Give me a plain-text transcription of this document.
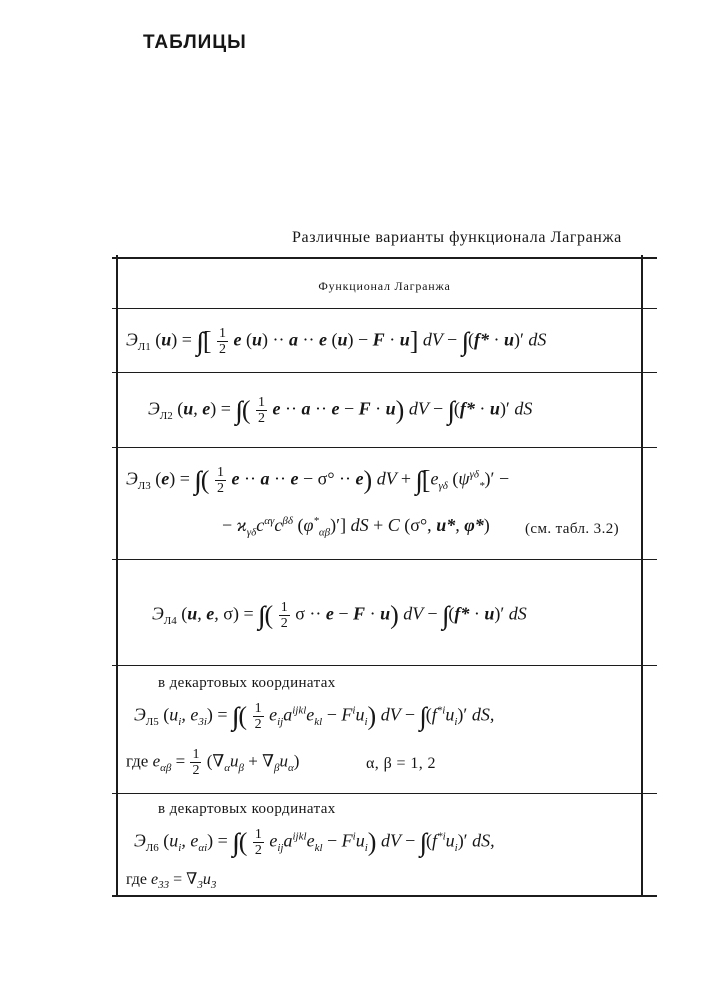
ТАБЛИЦЫ
Различные варианты функционала Лагранжа
Функционал Лагранжа
$Э_{Л1}$ (u) = ∫∫∫ [ $\frac{1}{2}$ e (u) ·· a ·· e (u) − F · u] dV − ∫∫ (f* · u)′ dS
$Э_{Л2}$ (u, e) = ∫∫∫ ( $\frac{1}{2}$ e ·· a ·· e − F · u) dV − ∫∫ (f* · u)′ dS
$Э_{Л3}$ (e) = ∫∫∫ ( $\frac{1}{2}$ e ·· a ·· e − σ° ·· e) dV + ∫∫ [$e_{\gamma\delta}$ $(\psi^{\gamma\delta}_*)'$ −
− $ϰ_{\gamma\delta}c^{\alpha\gamma}c^{\beta\delta}$ $(\varphi^*_{\alpha\beta})'$] dS + C (σ°, u*, φ*) (см. табл. 3.2)
$Э_{Л4}$ (u, e, σ) = ∫∫∫ ( $\frac{1}{2}$ σ ·· e − F · u) dV − ∫∫ (f* · u)′ dS
в декартовых координатах
$Э_{Л5}$ ($u_i$, $e_{3i}$) = ∫∫∫ ( $\frac{1}{2} e_{ij}a^{ijkl}e_{kl} - F^iu_i$) dV − ∫∫ $(f^{*i}u_i)'$ dS,
где $e_{\alpha\beta} = \frac{1}{2} (\nabla_\alpha u_\beta + \nabla_\beta u_\alpha)$	α, β = 1, 2
в декартовых координатах
$Э_{Л6}$ ($u_i$, $e_{\alpha i}$) = ∫∫∫ ( $\frac{1}{2} e_{ij}a^{ijkl}e_{kl} - F^iu_i$) dV − ∫∫ $(f^{*i}u_i)'$ dS,
где $e_{33} = \nabla_3u_3$
